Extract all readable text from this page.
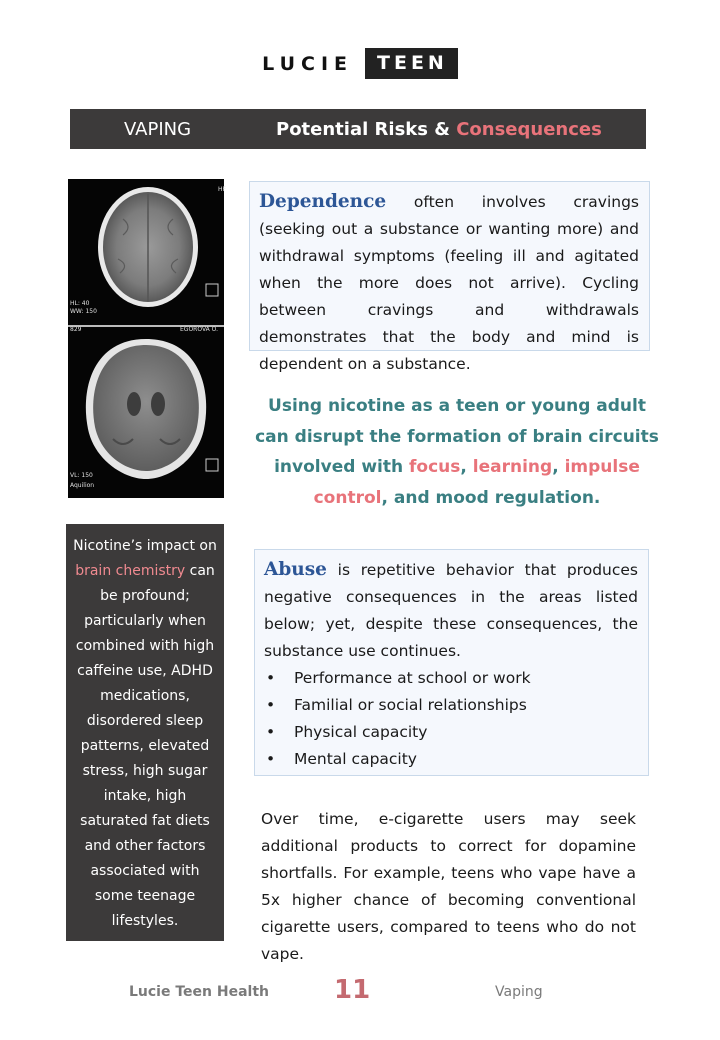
LUCIE	TEEN
VAPING	Potential Risks & Consequences
HF
HL: 40
WW: 150
829
VL: 150
EGOROVA O.
Aquilion
Dependence often involves cravings (seeking out a substance or wanting more) and withdrawal symptoms (feeling ill and agitated when the more does not arrive). Cycling between cravings and withdrawals demonstrates that the body and mind is dependent on a substance.
Using nicotine as a teen or young adult can disrupt the formation of brain circuits involved with focus, learning, impulse control, and mood regulation.
Nicotine’s impact on brain chemistry can be profound; particularly when combined with high caffeine use, ADHD medications, disordered sleep patterns, elevated stress, high sugar intake, high saturated fat diets and other factors associated with some teenage lifestyles.
Abuse is repetitive behavior that produces negative consequences in the areas listed below; yet, despite these consequences, the substance use continues.
• Performance at school or work
• Familial or social relationships
• Physical capacity
• Mental capacity
Over time, e-cigarette users may seek additional products to correct for dopamine shortfalls. For example, teens who vape have a 5x higher chance of becoming conventional cigarette users, compared to teens who do not vape.
Lucie Teen Health	11	Vaping
